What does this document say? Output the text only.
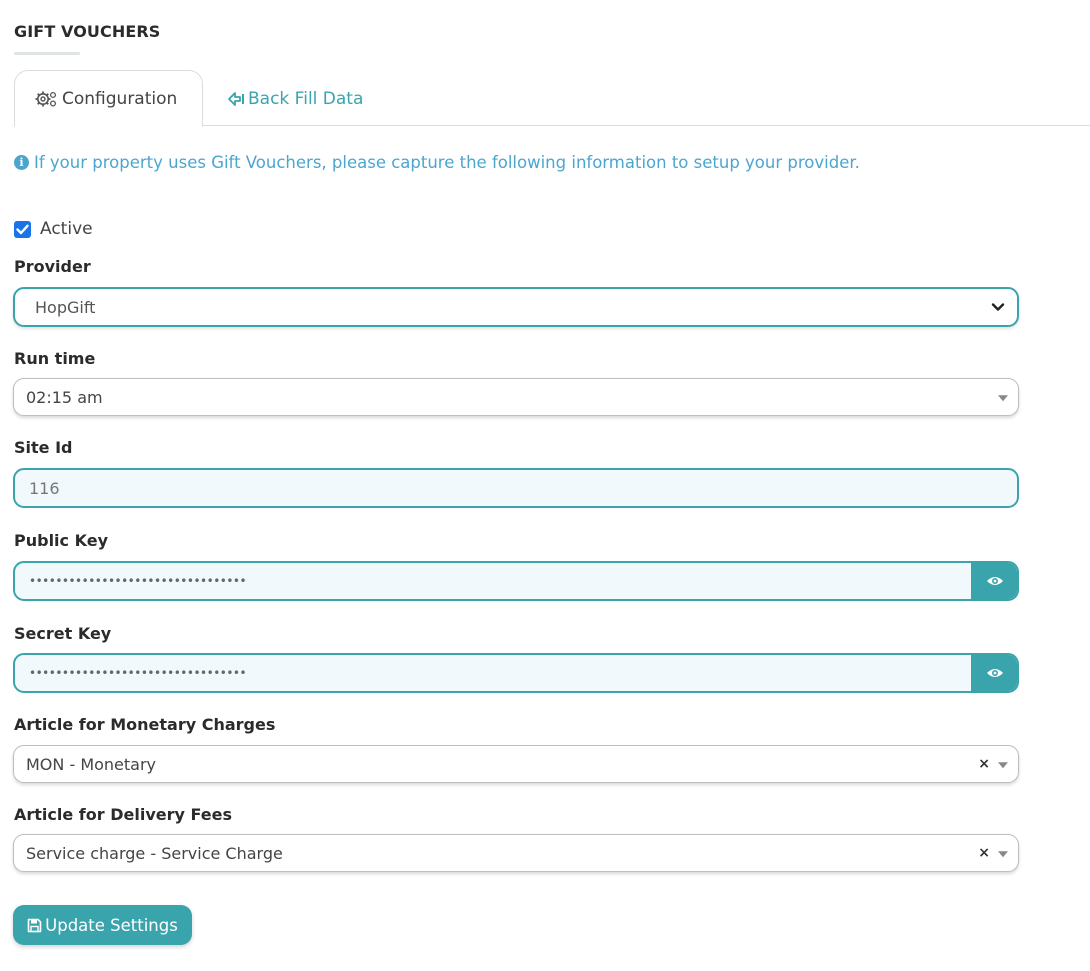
GIFT VOUCHERS
Configuration	Back Fill Data
i If your property uses Gift Vouchers, please capture the following information to setup your provider.
Active
Provider
HopGift
Run time
02:15 am
Site Id
116
Public Key
•••••••••••••••••••••••••••••••••
Secret Key
•••••••••••••••••••••••••••••••••
Article for Monetary Charges
MON - Monetary	×
Article for Delivery Fees
Service charge - Service Charge	×
Update Settings
